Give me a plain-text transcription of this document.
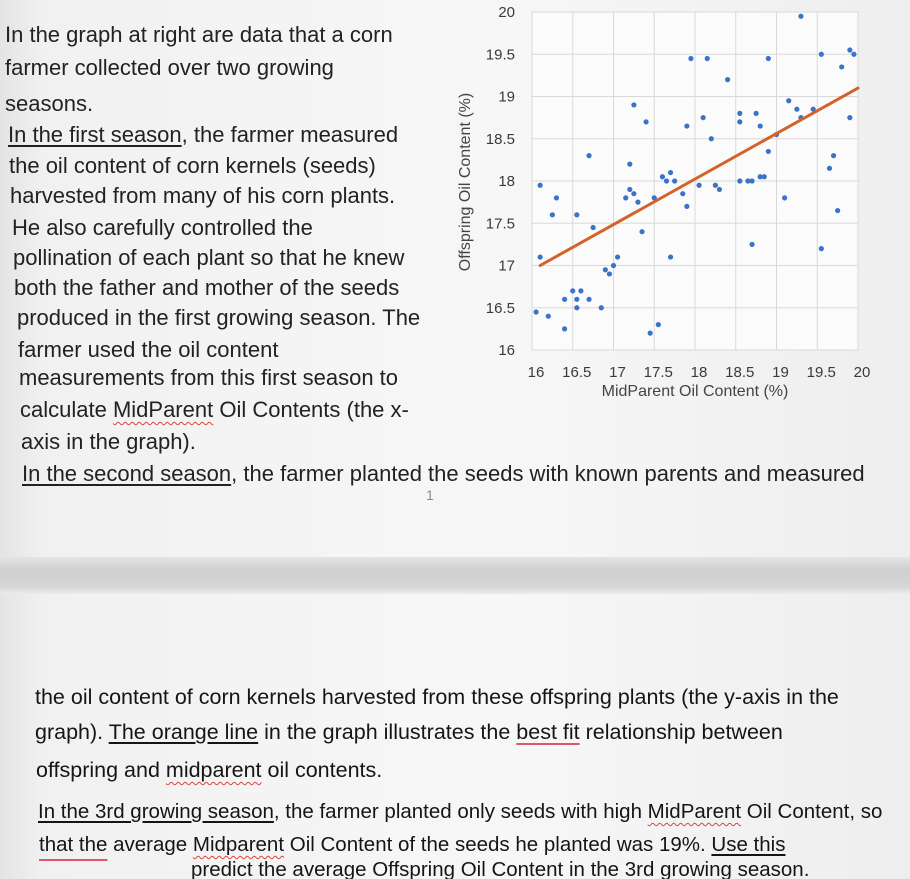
In the graph at right are data that a corn
farmer collected over two growing
seasons.
In the first season, the farmer measured
the oil content of corn kernels (seeds)
harvested from many of his corn plants.
He also carefully controlled the
pollination of each plant so that he knew
both the father and mother of the seeds
produced in the first growing season. The
farmer used the oil content
measurements from this first season to
calculate MidParent Oil Contents (the x-
axis in the graph).
In the second season, the farmer planted the seeds with known parents and measured
1
16 16.5 17 17.5 18 18.5 19 19.5 20
20
19.5
19
18.5
18
17.5
17
16.5
16
MidParent Oil Content (%)
Offspring Oil Content (%)
the oil content of corn kernels harvested from these offspring plants (the y-axis in the
graph). The orange line in the graph illustrates the best fit relationship between
offspring and midparent oil contents.
In the 3rd growing season, the farmer planted only seeds with high MidParent Oil Content, so
that the average Midparent Oil Content of the seeds he planted was 19%. Use this
predict the average Offspring Oil Content in the 3rd growing season.
